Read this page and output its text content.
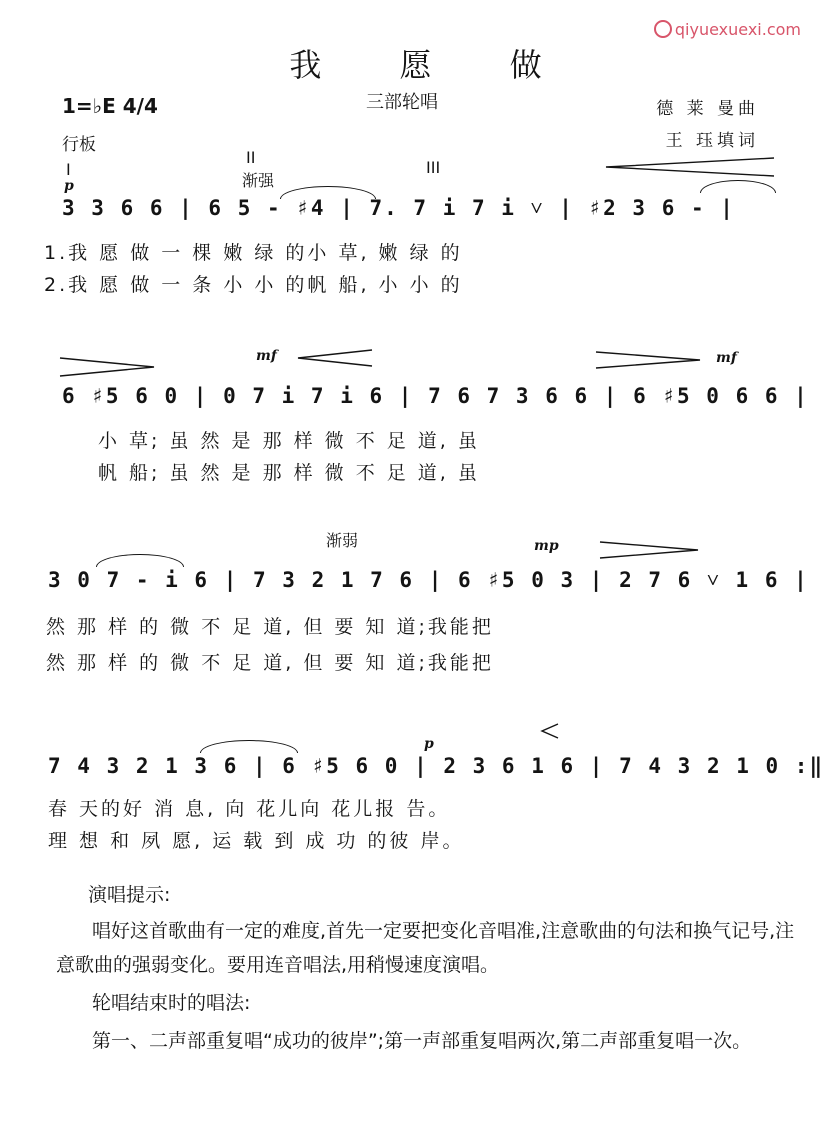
qiyuexuexi.com
我 愿 做
三部轮唱
1=♭E 4/4
行板
德 莱 曼曲
王 珏填词
I
II
III
渐强
p
3 3 6 6 | 6 5 - ♯4 | 7. 7 i 7 i ˅ | ♯2 3 6 - |
1.我 愿 做 一 棵 嫩 绿 的小 草, 嫩 绿 的
2.我 愿 做 一 条 小 小 的帆 船, 小 小 的
mf	mf
6 ♯5 6 0 | 0 7 i 7 i 6 | 7 6 7 3 6 6 | 6 ♯5 0 6 6 |
小 草; 虽 然 是 那 样 微 不 足 道, 虽
帆 船; 虽 然 是 那 样 微 不 足 道, 虽
渐弱	mp
3 0 7 - i 6 | 7 3 2 1 7 6 | 6 ♯5 0 3 | 2 7 6 ˅ 1 6 |
然 那 样 的 微 不 足 道, 但 要 知 道;我能把
然 那 样 的 微 不 足 道, 但 要 知 道;我能把
p
7 4 3 2 1 3 6 | 6 ♯5 6 0 | 2 3 6 1 6 | 7 4 3 2 1 0 :‖
春 天的好 消 息, 向 花儿向 花儿报 告。
理 想 和 夙 愿, 运 载 到 成 功 的彼 岸。
演唱提示:
唱好这首歌曲有一定的难度,首先一定要把变化音唱准,注意歌曲的句法和换气记号,注意歌曲的强弱变化。要用连音唱法,用稍慢速度演唱。
轮唱结束时的唱法:
第一、二声部重复唱“成功的彼岸”;第一声部重复唱两次,第二声部重复唱一次。
